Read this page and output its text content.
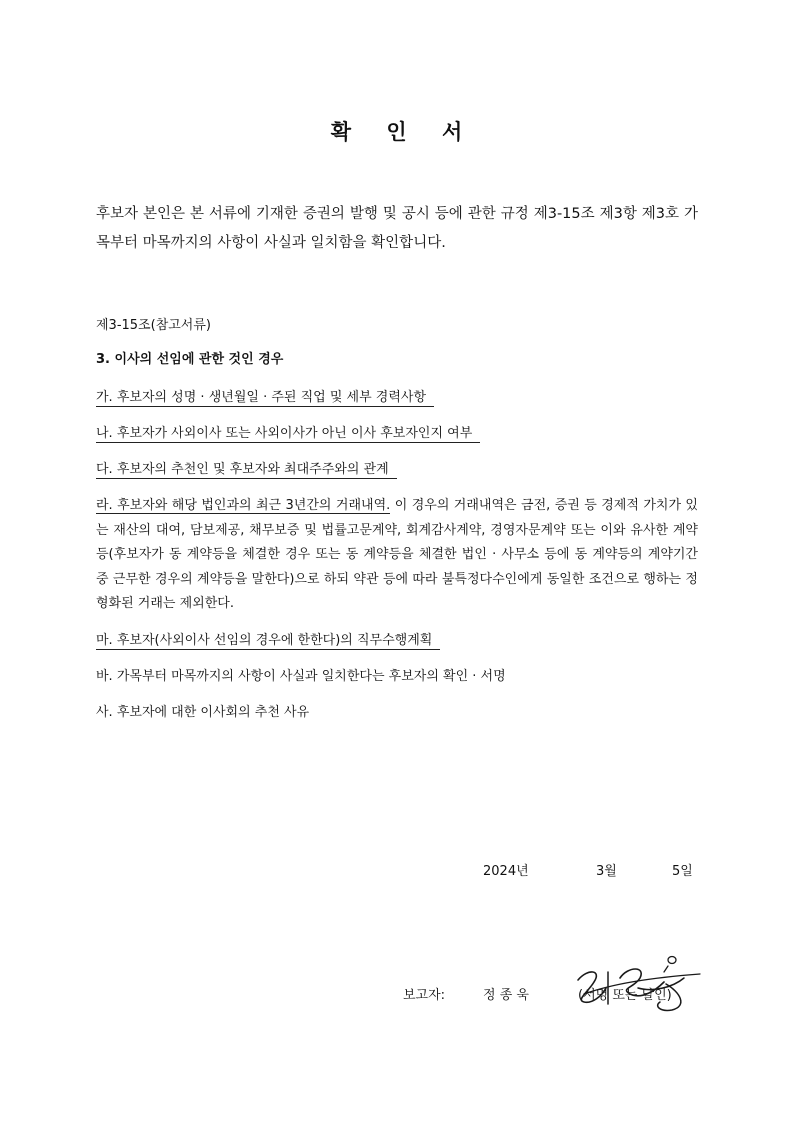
확 인 서

후보자 본인은 본 서류에 기재한 증권의 발행 및 공시 등에 관한 규정 제3-15조 제3항 제3호 가목부터 마목까지의 사항이 사실과 일치함을 확인합니다.

제3-15조(참고서류)

3. 이사의 선임에 관한 것인 경우

가. 후보자의 성명 · 생년월일 · 주된 직업 및 세부 경력사항
나. 후보자가 사외이사 또는 사외이사가 아닌 이사 후보자인지 여부
다. 후보자의 추천인 및 후보자와 최대주주와의 관계
라. 후보자와 해당 법인과의 최근 3년간의 거래내역. 이 경우의 거래내역은 금전, 증권 등 경제적 가치가 있는 재산의 대여, 담보제공, 채무보증 및 법률고문계약, 회계감사계약, 경영자문계약 또는 이와 유사한 계약등(후보자가 동 계약등을 체결한 경우 또는 동 계약등을 체결한 법인 · 사무소 등에 동 계약등의 계약기간 중 근무한 경우의 계약등을 말한다)으로 하되 약관 등에 따라 불특정다수인에게 동일한 조건으로 행하는 정형화된 거래는 제외한다.
마. 후보자(사외이사 선임의 경우에 한한다)의 직무수행계획
바. 가목부터 마목까지의 사항이 사실과 일치한다는 후보자의 확인 · 서명
사. 후보자에 대한 이사회의 추천 사유
2024년	3월	5일
보고자:	정 종 욱	(서명 또는 날인)
